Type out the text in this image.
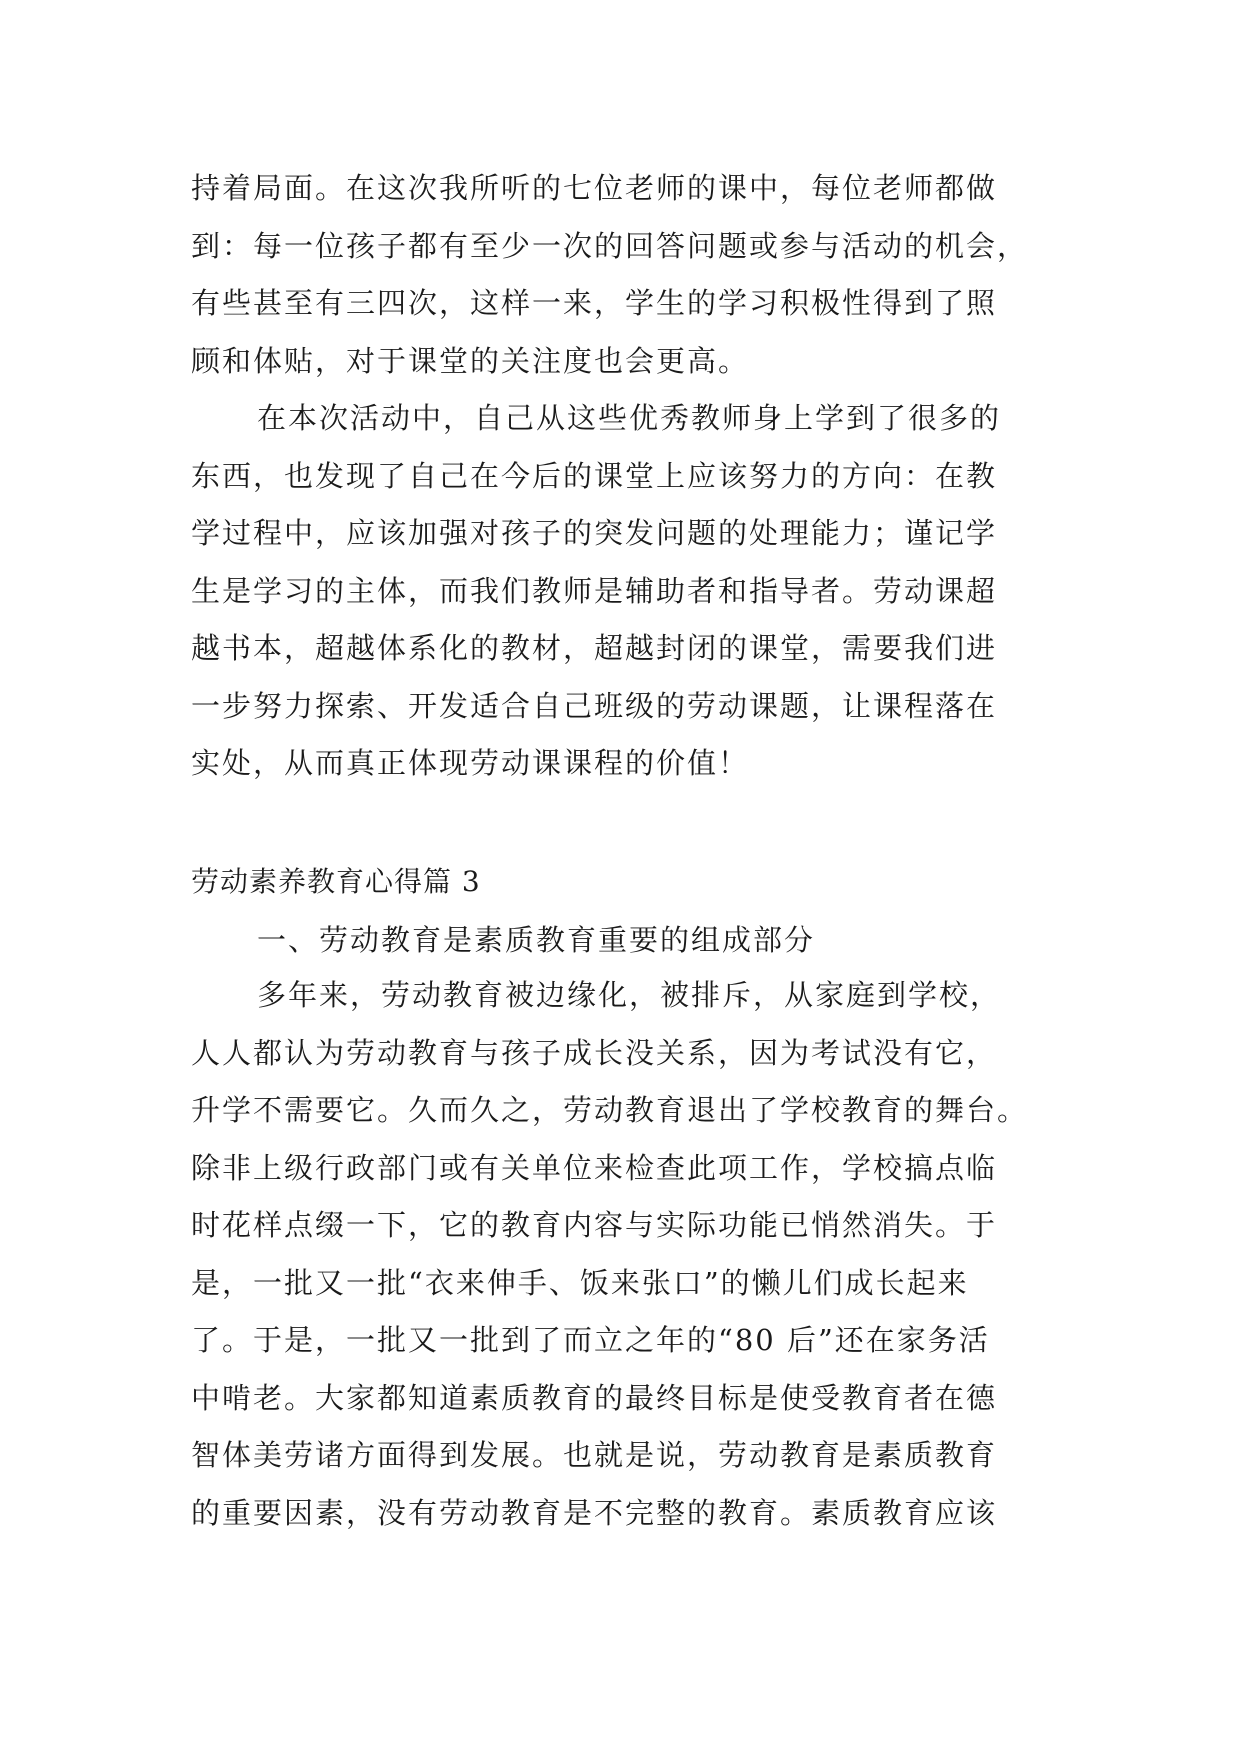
持着局面。在这次我所听的七位老师的课中，每位老师都做
到：每一位孩子都有至少一次的回答问题或参与活动的机会，
有些甚至有三四次，这样一来，学生的学习积极性得到了照
顾和体贴，对于课堂的关注度也会更高。
在本次活动中，自己从这些优秀教师身上学到了很多的
东西，也发现了自己在今后的课堂上应该努力的方向：在教
学过程中，应该加强对孩子的突发问题的处理能力；谨记学
生是学习的主体，而我们教师是辅助者和指导者。劳动课超
越书本，超越体系化的教材，超越封闭的课堂，需要我们进
一步努力探索、开发适合自己班级的劳动课题，让课程落在
实处，从而真正体现劳动课课程的价值！
劳动素养教育心得篇 3
一、劳动教育是素质教育重要的组成部分
多年来，劳动教育被边缘化，被排斥，从家庭到学校，
人人都认为劳动教育与孩子成长没关系，因为考试没有它，
升学不需要它。久而久之，劳动教育退出了学校教育的舞台。
除非上级行政部门或有关单位来检查此项工作，学校搞点临
时花样点缀一下，它的教育内容与实际功能已悄然消失。于
是，一批又一批“衣来伸手、饭来张口”的懒儿们成长起来
了。于是，一批又一批到了而立之年的“80 后”还在家务活
中啃老。大家都知道素质教育的最终目标是使受教育者在德
智体美劳诸方面得到发展。也就是说，劳动教育是素质教育
的重要因素，没有劳动教育是不完整的教育。素质教育应该
